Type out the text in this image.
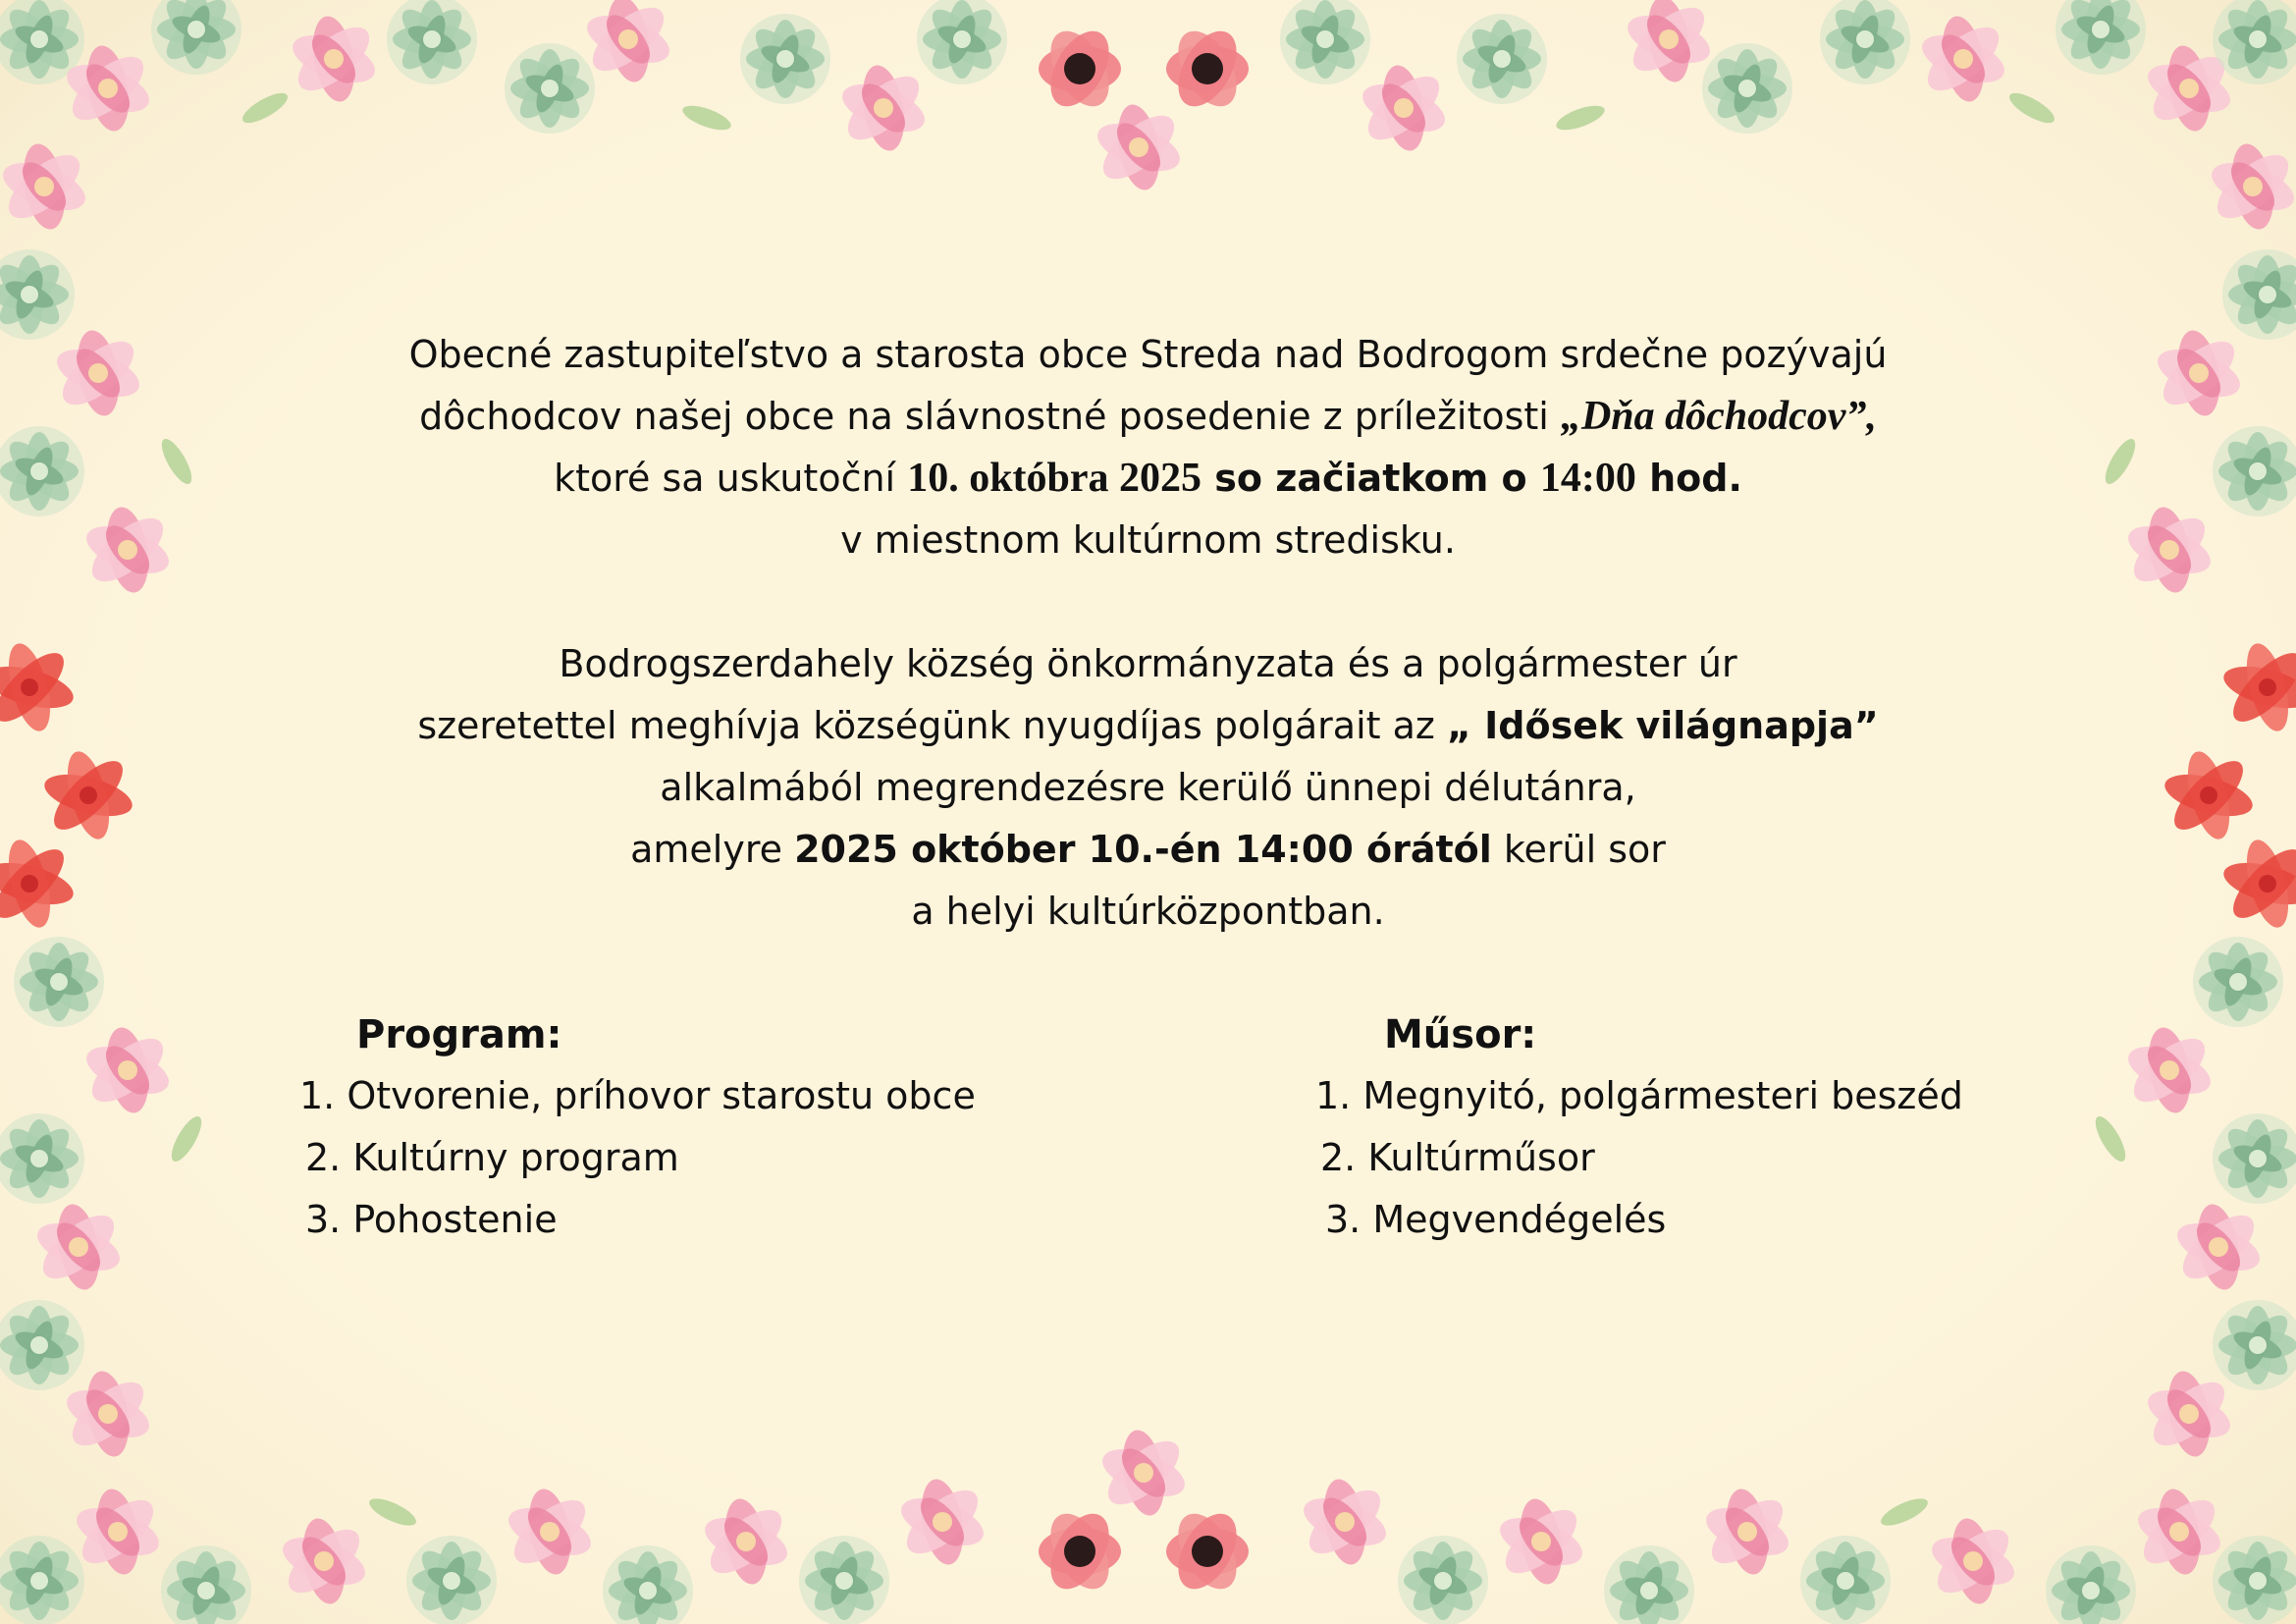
Obecné zastupiteľstvo a starosta obce Streda nad Bodrogom srdečne pozývajú
dôchodcov našej obce na slávnostné posedenie z príležitosti „Dňa dôchodcov”,
ktoré sa uskutoční 10. októbra 2025 so začiatkom o 14:00 hod.
v miestnom kultúrnom stredisku.
Bodrogszerdahely község önkormányzata és a polgármester úr
szeretettel meghívja községünk nyugdíjas polgárait az „ Idősek világnapja”
alkalmából megrendezésre kerülő ünnepi délutánra,
amelyre 2025 október 10.-én 14:00 órától kerül sor
a helyi kultúrközpontban.
Program:
1. Otvorenie, príhovor starostu obce
2. Kultúrny program
3. Pohostenie
Műsor:
1. Megnyitó, polgármesteri beszéd
2. Kultúrműsor
3. Megvendégelés
